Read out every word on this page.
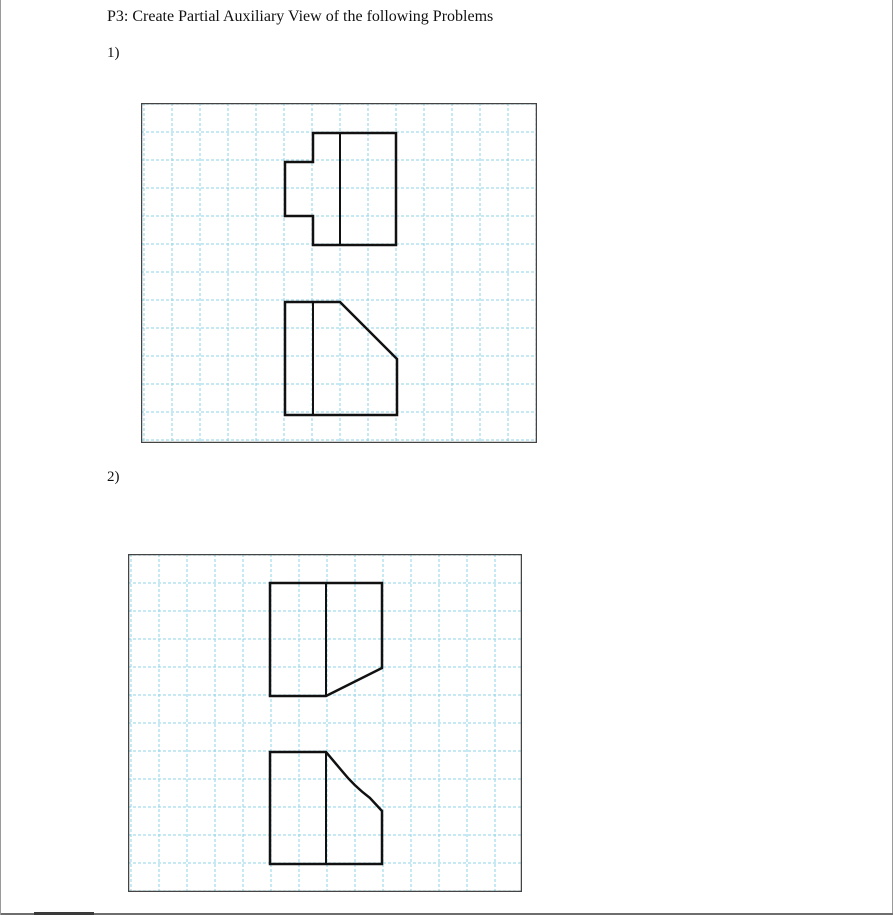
P3: Create Partial Auxiliary View of the following Problems
1)
2)
